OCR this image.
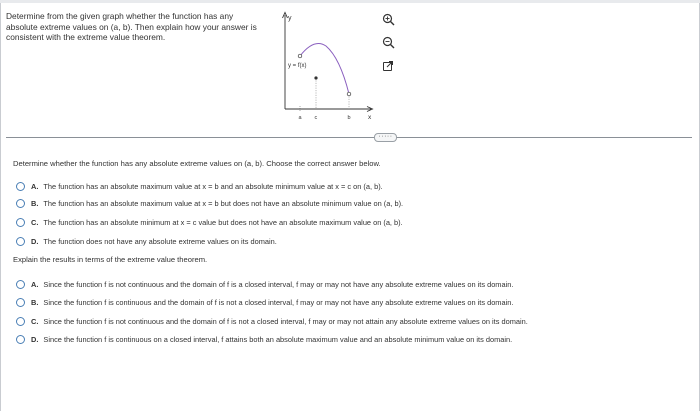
Determine from the given graph whether the function has any absolute extreme values on (a, b). Then explain how your answer is consistent with the extreme value theorem.
y
x
a c	b
y = f(x)
·····
Determine whether the function has any absolute extreme values on (a, b). Choose the correct answer below.
A. The function has an absolute maximum value at x = b and an absolute minimum value at x = c on (a, b).
B. The function has an absolute maximum value at x = b but does not have an absolute minimum value on (a, b).
C. The function has an absolute minimum at x = c value but does not have an absolute maximum value on (a, b).
D. The function does not have any absolute extreme values on its domain.
Explain the results in terms of the extreme value theorem.
A. Since the function f is not continuous and the domain of f is a closed interval, f may or may not have any absolute extreme values on its domain.
B. Since the function f is continuous and the domain of f is not a closed interval, f may or may not have any absolute extreme values on its domain.
C. Since the function f is not continuous and the domain of f is not a closed interval, f may or may not attain any absolute extreme values on its domain.
D. Since the function f is continuous on a closed interval, f attains both an absolute maximum value and an absolute minimum value on its domain.
